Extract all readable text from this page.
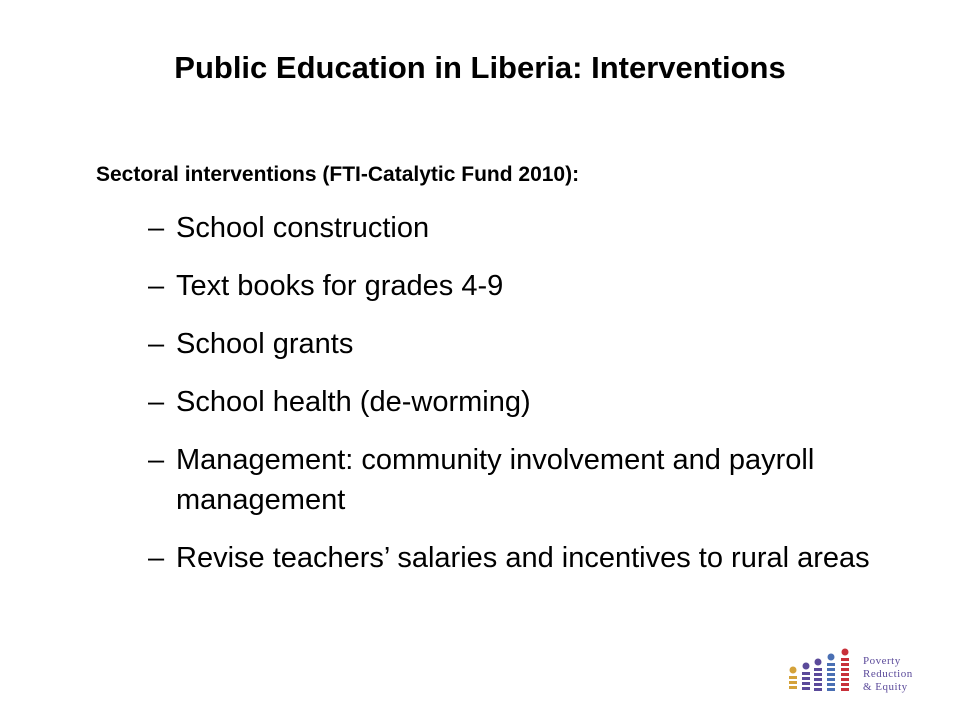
Public Education in Liberia: Interventions
Sectoral interventions (FTI-Catalytic Fund 2010):
– School construction
– Text books for grades 4-9
– School grants
– School health (de-worming)
– Management: community involvement and payroll management
– Revise teachers’ salaries and incentives to rural areas
Poverty
Reduction
& Equity
